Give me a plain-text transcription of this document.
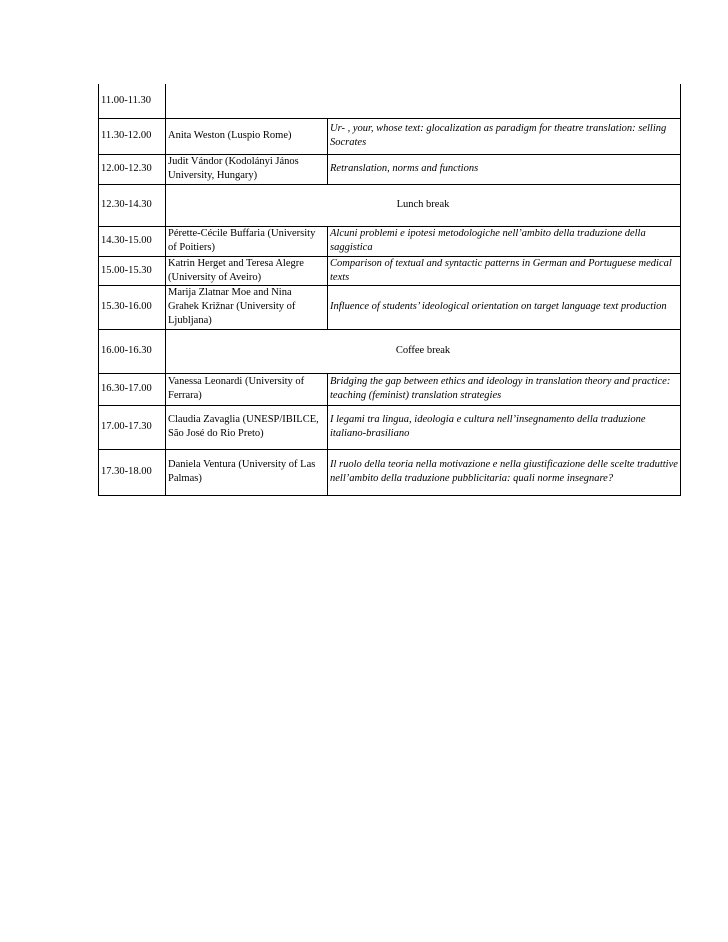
11.00-11.30		
11.30-12.00	Anita Weston (Luspio Rome)	Ur- , your, whose text: glocalization as paradigm for theatre translation: selling Socrates
12.00-12.30	Judit Vándor (Kodolányi János University, Hungary)	Retranslation, norms and functions
12.30-14.30	Lunch break	
14.30-15.00	Pérette-Cécile Buffaria (University of Poitiers)	Alcuni problemi e ipotesi metodologiche nell’ambito della traduzione della saggistica
15.00-15.30	Katrin Herget and Teresa Alegre (University of Aveiro)	Comparison of textual and syntactic patterns in German and Portuguese medical texts
15.30-16.00	Marija Zlatnar Moe and Nina Grahek Križnar (University of Ljubljana)	Influence of students’ ideological orientation on target language text production
16.00-16.30	Coffee break	
16.30-17.00	Vanessa Leonardi (University of Ferrara)	Bridging the gap between ethics and ideology in translation theory and practice: teaching (feminist) translation strategies
17.00-17.30	Claudia Zavaglia (UNESP/IBILCE, São José do Rio Preto)	I legami tra lingua, ideologia e cultura nell’insegnamento della traduzione italiano-brasiliano
17.30-18.00	Daniela Ventura (University of Las Palmas)	Il ruolo della teoria nella motivazione e nella giustificazione delle scelte traduttive nell’ambito della traduzione pubblicitaria: quali norme insegnare?
